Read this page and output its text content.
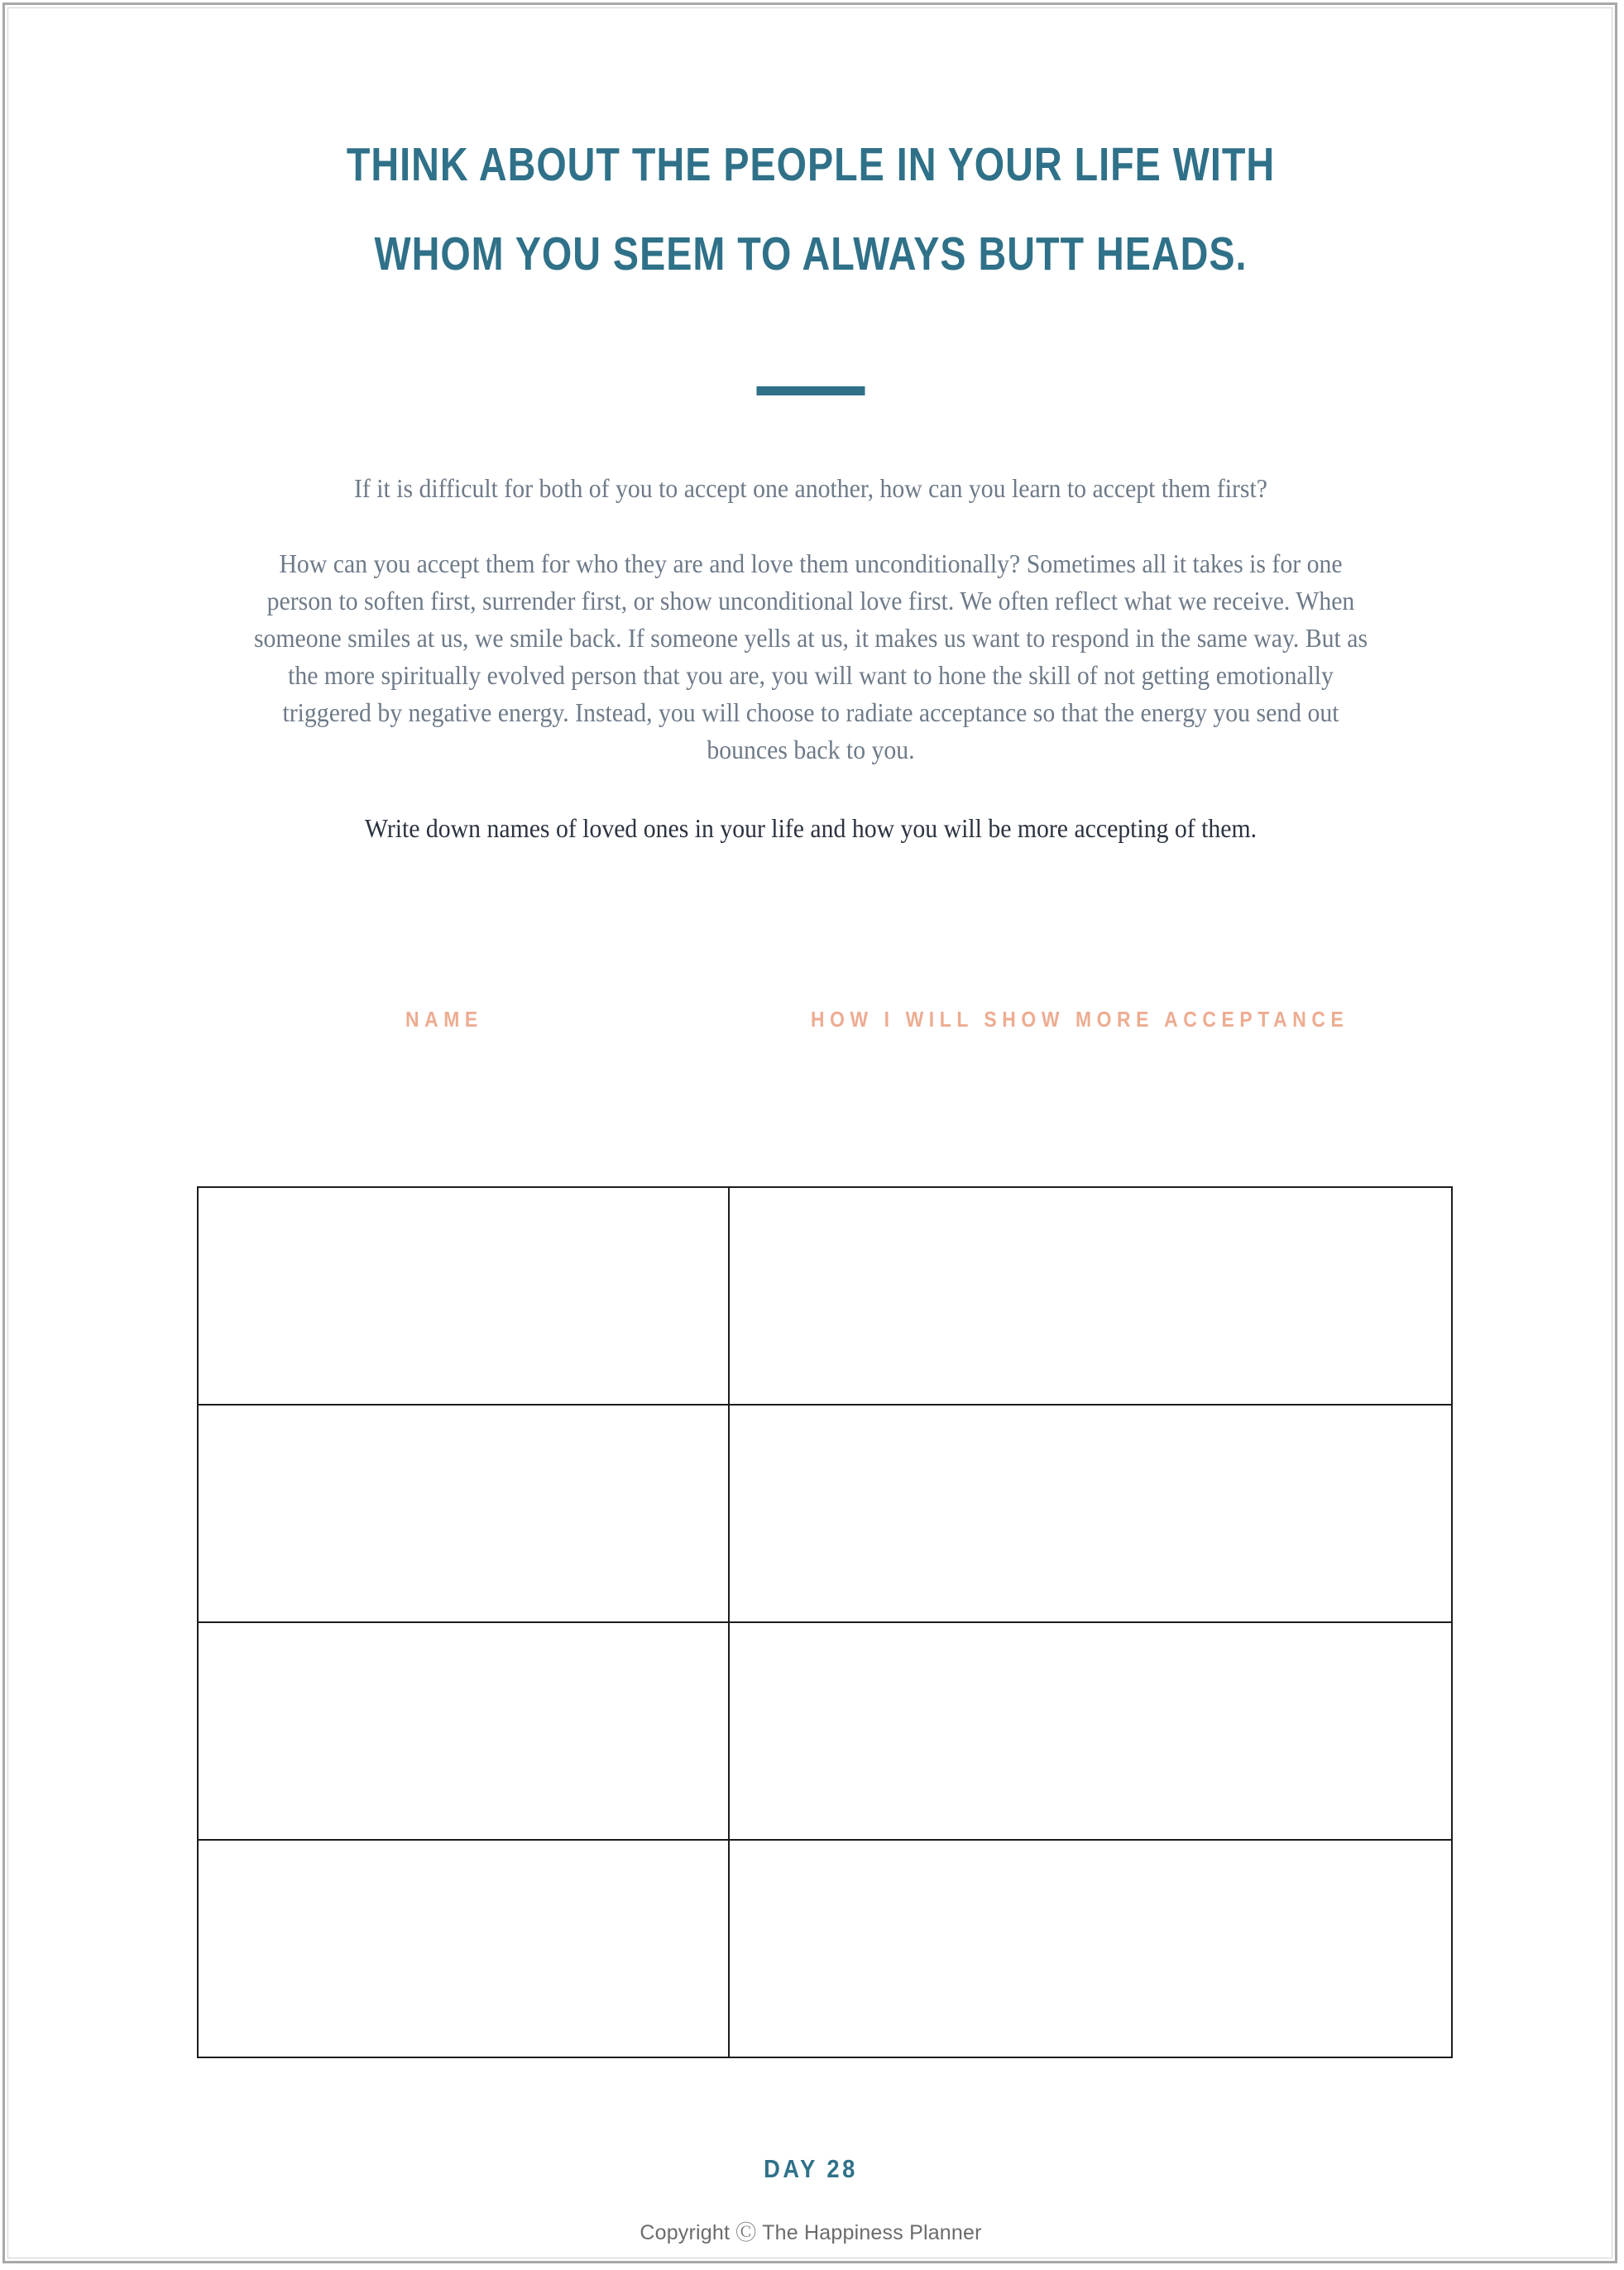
THINK ABOUT THE PEOPLE IN YOUR LIFE WITH
WHOM YOU SEEM TO ALWAYS BUTT HEADS.

If it is difficult for both of you to accept one another, how can you learn to accept them first?

How can you accept them for who they are and love them unconditionally? Sometimes all it takes is for one person to soften first, surrender first, or show unconditional love first. We often reflect what we receive. When someone smiles at us, we smile back. If someone yells at us, it makes us want to respond in the same way. But as the more spiritually evolved person that you are, you will want to hone the skill of not getting emotionally triggered by negative energy. Instead, you will choose to radiate acceptance so that the energy you send out bounces back to you.

Write down names of loved ones in your life and how you will be more accepting of them.

NAME	HOW I WILL SHOW MORE ACCEPTANCE

DAY 28
Copyright Ⓒ The Happiness Planner
